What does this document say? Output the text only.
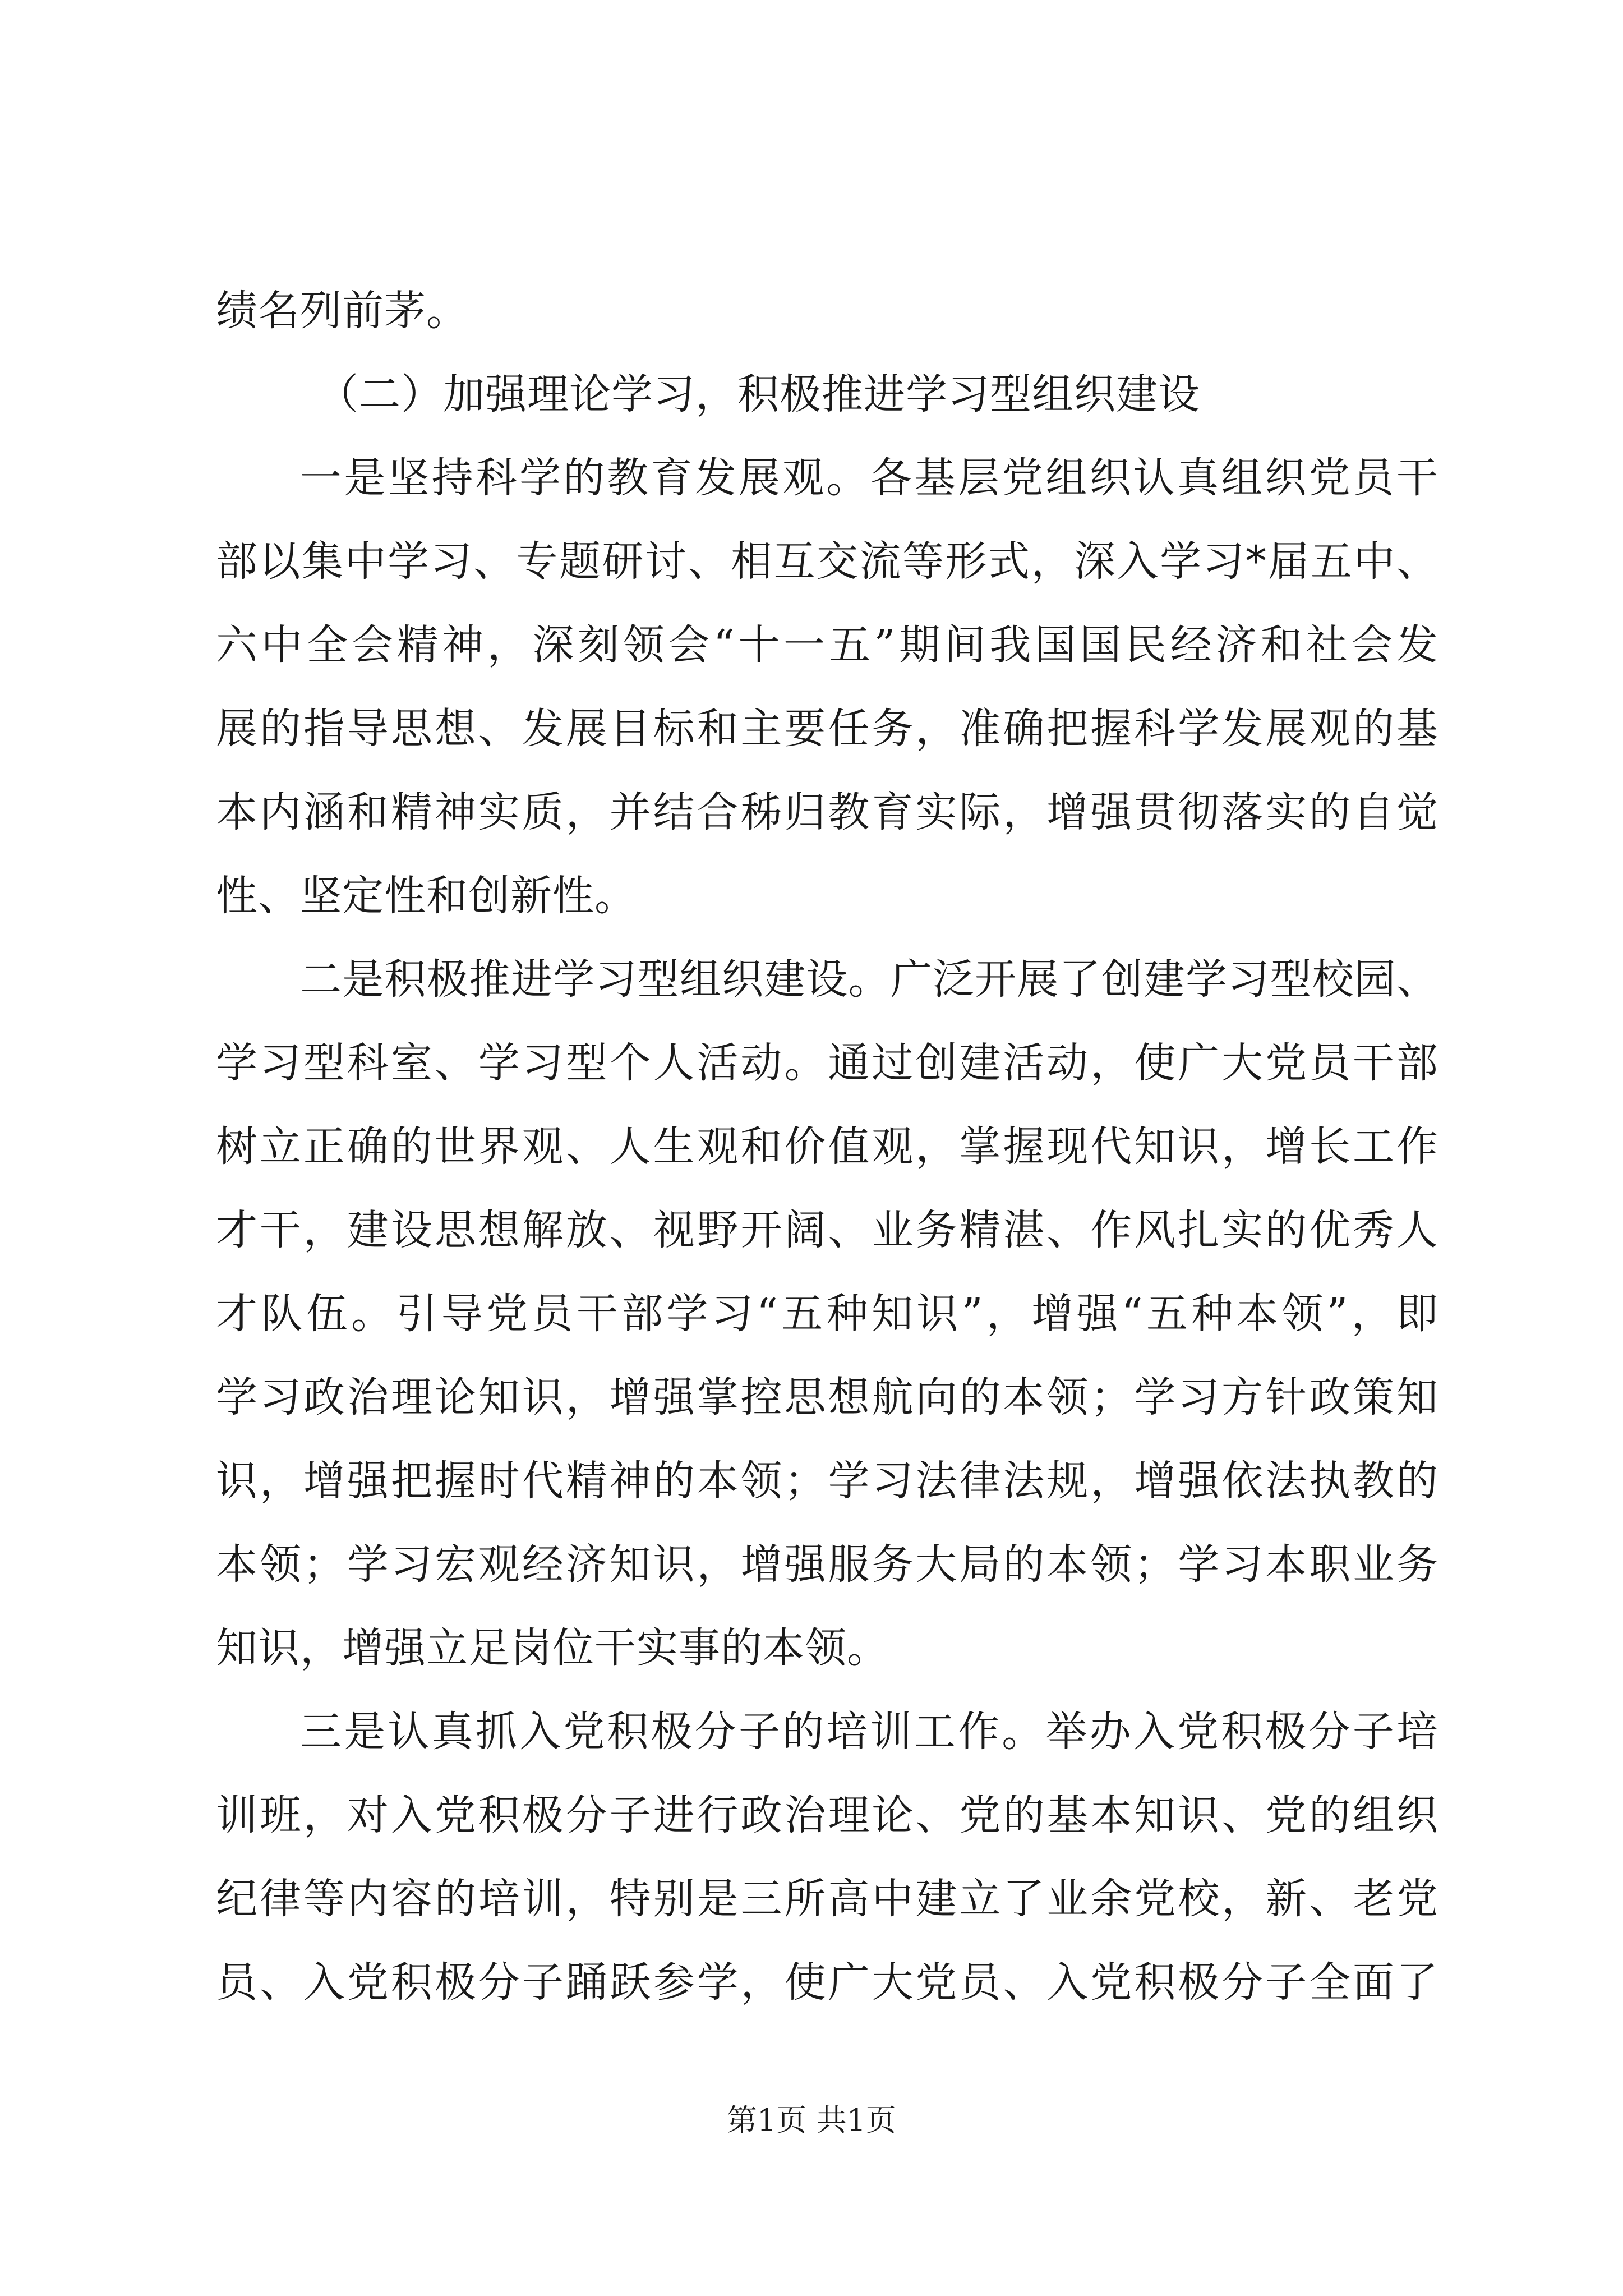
绩名列前茅。
（二）加强理论学习，积极推进学习型组织建设
一是坚持科学的教育发展观。各基层党组织认真组织党员干
部以集中学习、专题研讨、相互交流等形式，深入学习*届五中、
六中全会精神，深刻领会“十一五”期间我国国民经济和社会发
展的指导思想、发展目标和主要任务，准确把握科学发展观的基
本内涵和精神实质，并结合秭归教育实际，增强贯彻落实的自觉
性、坚定性和创新性。
二是积极推进学习型组织建设。广泛开展了创建学习型校园、
学习型科室、学习型个人活动。通过创建活动，使广大党员干部
树立正确的世界观、人生观和价值观，掌握现代知识，增长工作
才干，建设思想解放、视野开阔、业务精湛、作风扎实的优秀人
才队伍。引导党员干部学习“五种知识”，增强“五种本领”，即
学习政治理论知识，增强掌控思想航向的本领；学习方针政策知
识，增强把握时代精神的本领；学习法律法规，增强依法执教的
本领；学习宏观经济知识，增强服务大局的本领；学习本职业务
知识，增强立足岗位干实事的本领。
三是认真抓入党积极分子的培训工作。举办入党积极分子培
训班，对入党积极分子进行政治理论、党的基本知识、党的组织
纪律等内容的培训，特别是三所高中建立了业余党校，新、老党
员、入党积极分子踊跃参学，使广大党员、入党积极分子全面了
第1页 共1页
